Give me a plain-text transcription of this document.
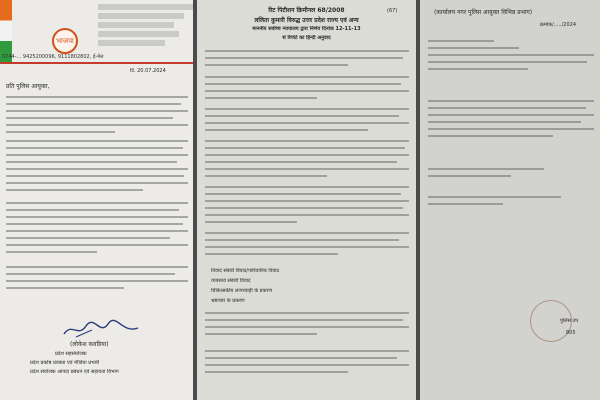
भाजपा
0744-... 9425200096, 9111802802, ई-मेल
दि. 20.07.2024
प्रति पुलिस आयुक्त,
(लोकेश कवडिया)
प्रदेश सहसंयोजक
प्रदेश प्रकोष्ठ प्रवक्ता एवं मीडिया प्रभारी
प्रदेश संयोजक आपदा प्रबंधन एवं सहायता विभाग
(67)
रिट पिटीशन क्रिमीनल 68/2008
ललिता कुमारी विरुद्ध उत्तर प्रदेश राज्य एवं अन्य
माननीय सर्वोच्च न्यायालय द्वारा निर्णय दिनांक 12-11-13
से रिपोर्ट का हिन्दी अनुवाद
विवाद संबंधी विवाद/पारिवारिक विवाद
व्यवसाय संबंधी विवाद
चिकित्सकीय लापरवाही के प्रकरण
भ्रष्टाचार के प्रकरण
(कार्यालय नगर पुलिस आयुक्त विभिन्न प्रभाग)
क्रमांक/...../2024
पुलिस उप
805
